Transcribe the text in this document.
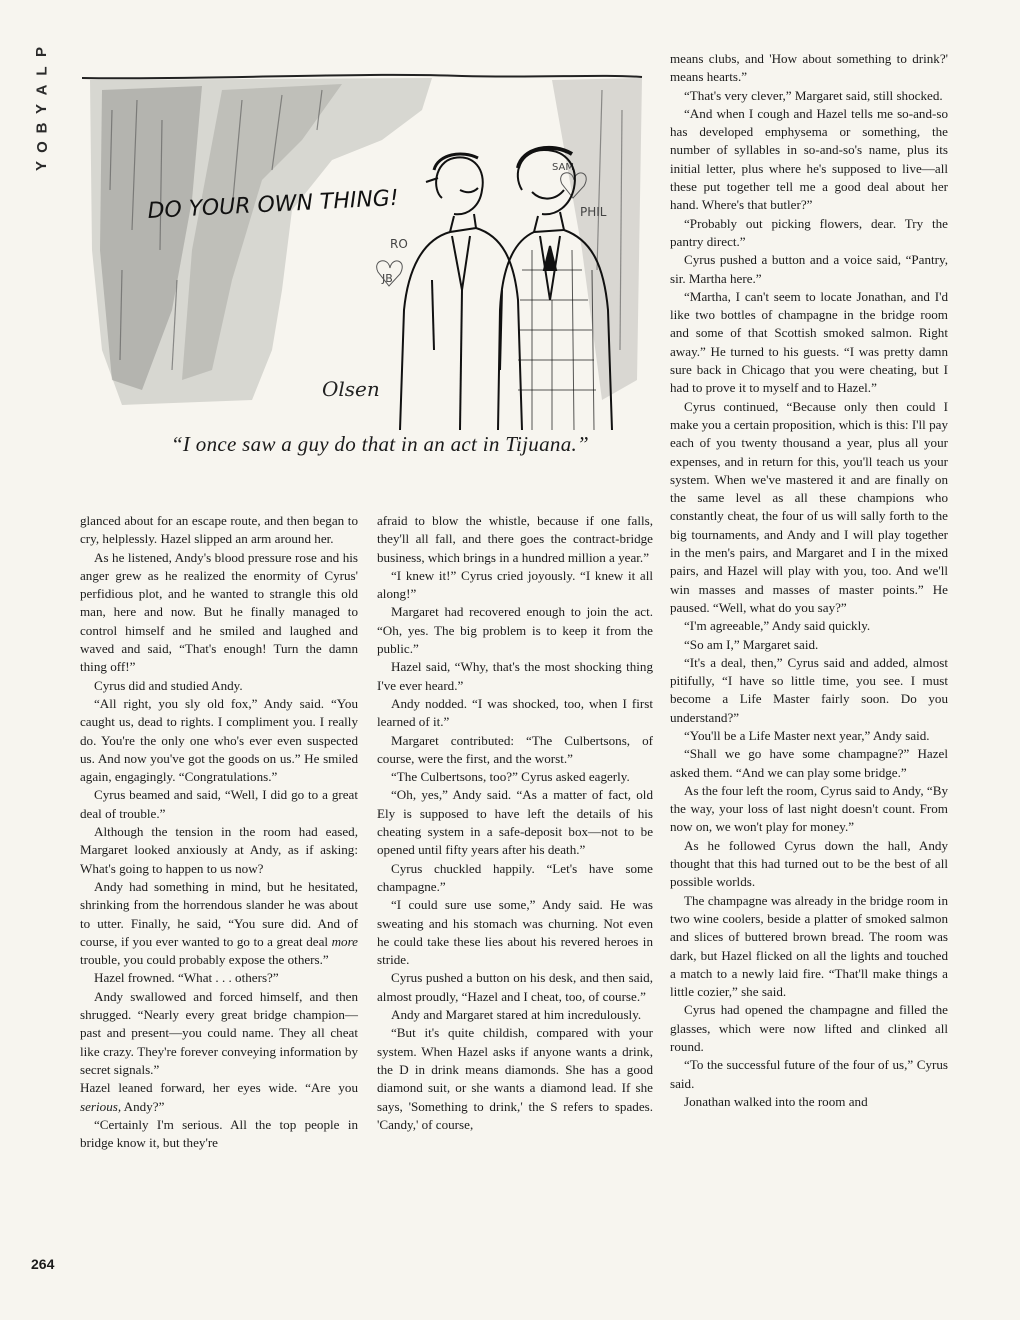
P
L
A
Y
B
O
Y
DO YOUR OWN THING!
RO
PHIL
JB
SAM
Olsen
“I once saw a guy do that in an act in Tijuana.”

glanced about for an escape route, and then began to cry, helplessly. Hazel slipped an arm around her.

As he listened, Andy's blood pressure rose and his anger grew as he realized the enormity of Cyrus' perfidious plot, and he wanted to strangle this old man, here and now. But he finally managed to control himself and he smiled and laughed and waved and said, “That's enough! Turn the damn thing off!”

Cyrus did and studied Andy.

“All right, you sly old fox,” Andy said. “You caught us, dead to rights. I compliment you. I really do. You're the only one who's ever even suspected us. And now you've got the goods on us.” He smiled again, engagingly. “Congratulations.”

Cyrus beamed and said, “Well, I did go to a great deal of trouble.”

Although the tension in the room had eased, Margaret looked anxiously at Andy, as if asking: What's going to happen to us now?

Andy had something in mind, but he hesitated, shrinking from the horrendous slander he was about to utter. Finally, he said, “You sure did. And of course, if you ever wanted to go to a great deal more trouble, you could probably expose the others.”

Hazel frowned. “What . . . others?”

Andy swallowed and forced himself, and then shrugged. “Nearly every great bridge champion—past and present—you could name. They all cheat like crazy. They're forever conveying information by secret signals.”

Hazel leaned forward, her eyes wide. “Are you serious, Andy?”

“Certainly I'm serious. All the top people in bridge know it, but they're

afraid to blow the whistle, because if one falls, they'll all fall, and there goes the contract-bridge business, which brings in a hundred million a year.”

“I knew it!” Cyrus cried joyously. “I knew it all along!”

Margaret had recovered enough to join the act. “Oh, yes. The big problem is to keep it from the public.”

Hazel said, “Why, that's the most shocking thing I've ever heard.”

Andy nodded. “I was shocked, too, when I first learned of it.”

Margaret contributed: “The Culbertsons, of course, were the first, and the worst.”

“The Culbertsons, too?” Cyrus asked eagerly.

“Oh, yes,” Andy said. “As a matter of fact, old Ely is supposed to have left the details of his cheating system in a safe-deposit box—not to be opened until fifty years after his death.”

Cyrus chuckled happily. “Let's have some champagne.”

“I could sure use some,” Andy said. He was sweating and his stomach was churning. Not even he could take these lies about his revered heroes in stride.

Cyrus pushed a button on his desk, and then said, almost proudly, “Hazel and I cheat, too, of course.”

Andy and Margaret stared at him incredulously.

“But it's quite childish, compared with your system. When Hazel asks if anyone wants a drink, the D in drink means diamonds. She has a good diamond suit, or she wants a diamond lead. If she says, 'Something to drink,' the S refers to spades. 'Candy,' of course,

means clubs, and 'How about something to drink?' means hearts.”

“That's very clever,” Margaret said, still shocked.

“And when I cough and Hazel tells me so-and-so has developed emphysema or something, the number of syllables in so-and-so's name, plus its initial letter, plus where he's supposed to live—all these put together tell me a good deal about her hand. Where's that butler?”

“Probably out picking flowers, dear. Try the pantry direct.”

Cyrus pushed a button and a voice said, “Pantry, sir. Martha here.”

“Martha, I can't seem to locate Jonathan, and I'd like two bottles of champagne in the bridge room and some of that Scottish smoked salmon. Right away.” He turned to his guests. “I was pretty damn sure back in Chicago that you were cheating, but I had to prove it to myself and to Hazel.”

Cyrus continued, “Because only then could I make you a certain proposition, which is this: I'll pay each of you twenty thousand a year, plus all your expenses, and in return for this, you'll teach us your system. When we've mastered it and are finally on the same level as all these champions who constantly cheat, the four of us will sally forth to the big tournaments, and Andy and I will play together in the men's pairs, and Margaret and I in the mixed pairs, and Hazel will play with you, too. And we'll win masses and masses of master points.” He paused. “Well, what do you say?”

“I'm agreeable,” Andy said quickly.

“So am I,” Margaret said.

“It's a deal, then,” Cyrus said and added, almost pitifully, “I have so little time, you see. I must become a Life Master fairly soon. Do you understand?”

“You'll be a Life Master next year,” Andy said.

“Shall we go have some champagne?” Hazel asked them. “And we can play some bridge.”

As the four left the room, Cyrus said to Andy, “By the way, your loss of last night doesn't count. From now on, we won't play for money.”

As he followed Cyrus down the hall, Andy thought that this had turned out to be the best of all possible worlds.

The champagne was already in the bridge room in two wine coolers, beside a platter of smoked salmon and slices of buttered brown bread. The room was dark, but Hazel flicked on all the lights and touched a match to a newly laid fire. “That'll make things a little cozier,” she said.

Cyrus had opened the champagne and filled the glasses, which were now lifted and clinked all round.

“To the successful future of the four of us,” Cyrus said.

Jonathan walked into the room and

264
